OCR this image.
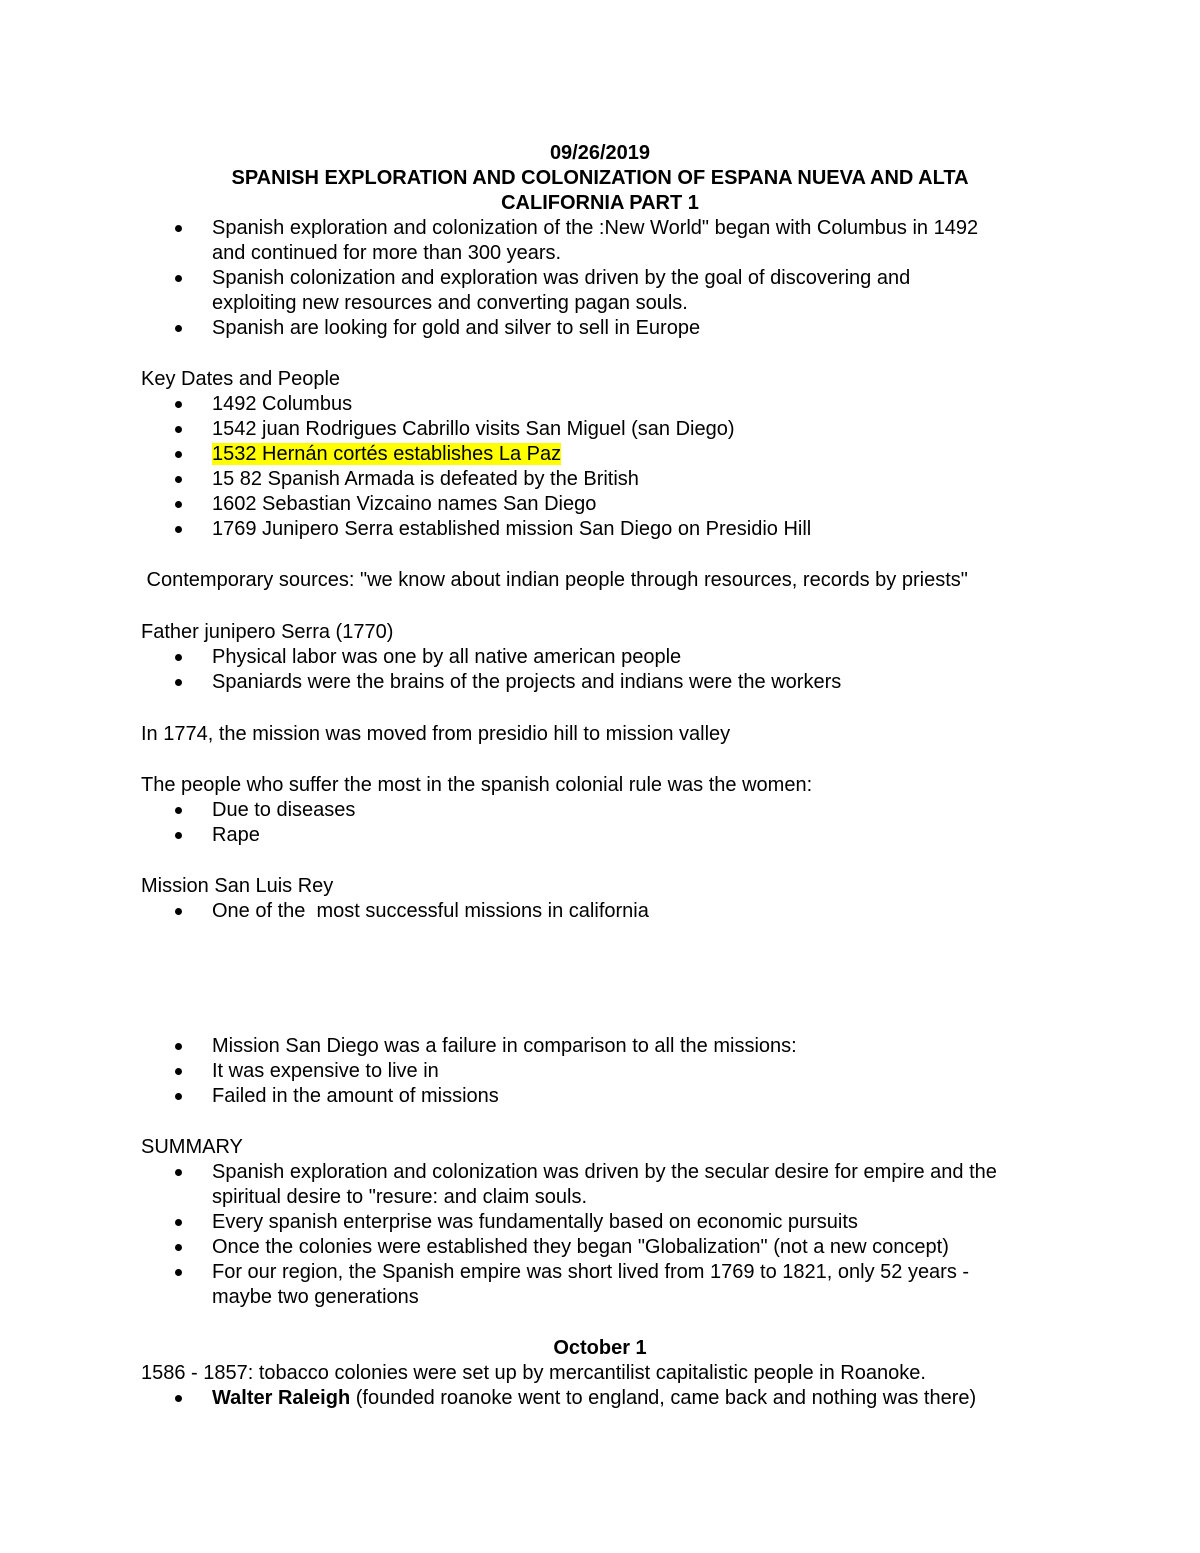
09/26/2019
SPANISH EXPLORATION AND COLONIZATION OF ESPANA NUEVA AND ALTA
CALIFORNIA PART 1
Spanish exploration and colonization of the :New World" began with Columbus in 1492
and continued for more than 300 years.
Spanish colonization and exploration was driven by the goal of discovering and
exploiting new resources and converting pagan souls.
Spanish are looking for gold and silver to sell in Europe
Key Dates and People
1492 Columbus
1542 juan Rodrigues Cabrillo visits San Miguel (san Diego)
1532 Hernán cortés establishes La Paz
15 82 Spanish Armada is defeated by the British
1602 Sebastian Vizcaino names San Diego
1769 Junipero Serra established mission San Diego on Presidio Hill
Contemporary sources: "we know about indian people through resources, records by priests"
Father junipero Serra (1770)
Physical labor was one by all native american people
Spaniards were the brains of the projects and indians were the workers
In 1774, the mission was moved from presidio hill to mission valley
The people who suffer the most in the spanish colonial rule was the women:
Due to diseases
Rape
Mission San Luis Rey
One of the  most successful missions in california
Mission San Diego was a failure in comparison to all the missions:
It was expensive to live in
Failed in the amount of missions
SUMMARY
Spanish exploration and colonization was driven by the secular desire for empire and the
spiritual desire to "resure: and claim souls.
Every spanish enterprise was fundamentally based on economic pursuits
Once the colonies were established they began "Globalization" (not a new concept)
For our region, the Spanish empire was short lived from 1769 to 1821, only 52 years -
maybe two generations
October 1
1586 - 1857: tobacco colonies were set up by mercantilist capitalistic people in Roanoke.
Walter Raleigh (founded roanoke went to england, came back and nothing was there)
